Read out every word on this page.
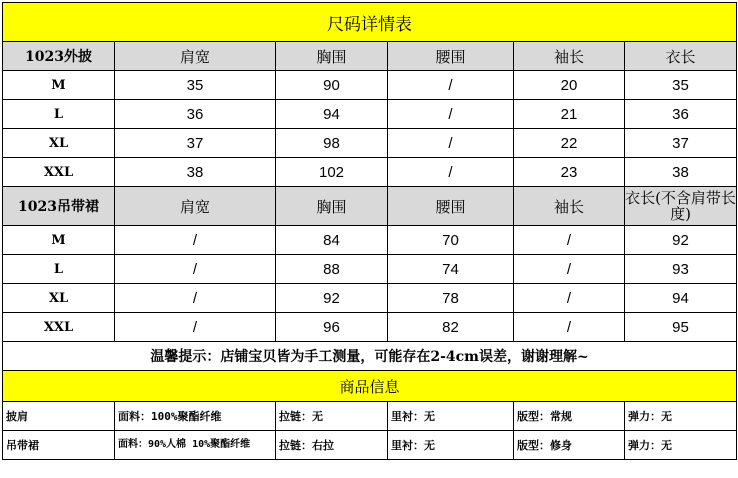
尺码详情表					
1023外披	肩宽	胸围	腰围	袖长	衣长
M	35	90	/	20	35
L	36	94	/	21	36
XL	37	98	/	22	37
XXL	38	102	/	23	38
1023吊带裙	肩宽	胸围	腰围	袖长	衣长(不含肩带长度)
M	/	84	70	/	92
L	/	88	74	/	93
XL	/	92	78	/	94
XXL	/	96	82	/	95
温馨提示：店铺宝贝皆为手工测量，可能存在2-4cm误差，谢谢理解~					
商品信息					
披肩	面料：100%聚酯纤维	拉链：无	里衬：无	版型：常规	弹力：无
吊带裙	面料：90%人棉 10%聚酯纤维	拉链：右拉	里衬：无	版型：修身	弹力：无
